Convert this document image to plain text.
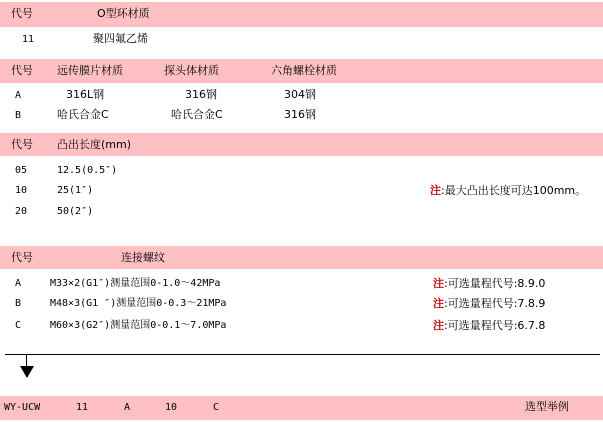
代号	O型环材质
11	聚四氟乙烯
代号 远传膜片材质	探头体材质	六角螺栓材质
A	316L钢	316钢	304钢
B	哈氏合金C	哈氏合金C	316钢
代号 凸出长度(mm)
05	12.5(0.5″)
10	25(1″)
20	50(2″)
注:最大凸出长度可达100mm。
代号	连接螺纹
A	M33×2(G1″)测量范围0-1.0～42MPa	注:可选量程代号:8.9.0
B	M48×3(G1 ″)测量范围0-0.3～21MPa	注:可选量程代号:7.8.9
C	M60×3(G2″)测量范围0-0.1～7.0MPa	注:可选量程代号:6.7.8
WY-UCW	11	A	10	C	选型举例
